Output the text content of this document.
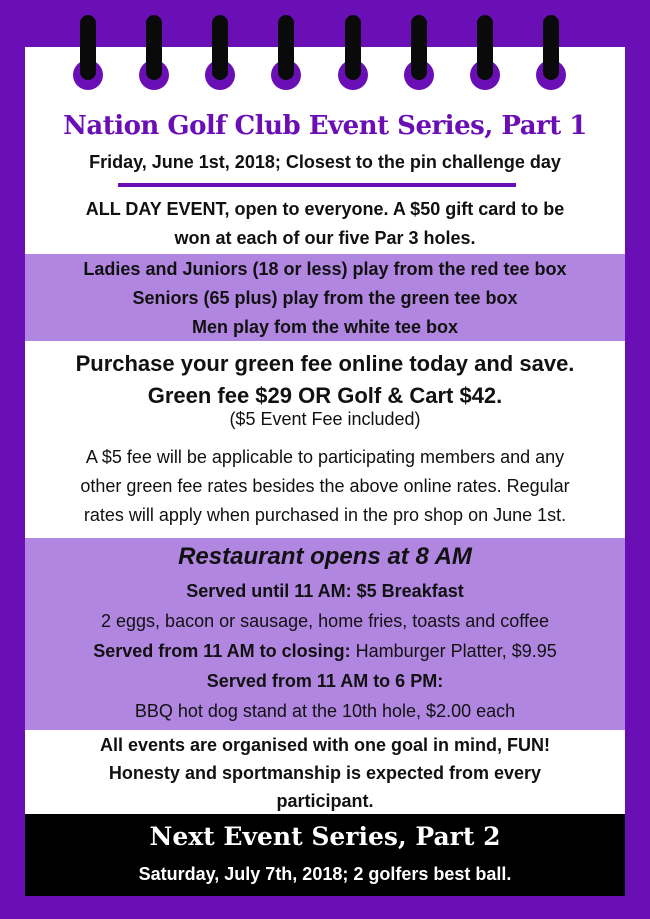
Nation Golf Club Event Series, Part 1
Friday, June 1st, 2018; Closest to the pin challenge day
ALL DAY EVENT, open to everyone. A $50 gift card to be
won at each of our five Par 3 holes.
Ladies and Juniors (18 or less) play from the red tee box
Seniors (65 plus) play from the green tee box
Men play fom the white tee box
Purchase your green fee online today and save.
Green fee $29 OR Golf & Cart $42.
($5 Event Fee included)
A $5 fee will be applicable to participating members and any
other green fee rates besides the above online rates. Regular
rates will apply when purchased in the pro shop on June 1st.
Restaurant opens at 8 AM
Served until 11 AM: $5 Breakfast
2 eggs, bacon or sausage, home fries, toasts and coffee
Served from 11 AM to closing: Hamburger Platter, $9.95
Served from 11 AM to 6 PM:
BBQ hot dog stand at the 10th hole, $2.00 each
All events are organised with one goal in mind, FUN!
Honesty and sportmanship is expected from every
participant.
Next Event Series, Part 2
Saturday, July 7th, 2018; 2 golfers best ball.
